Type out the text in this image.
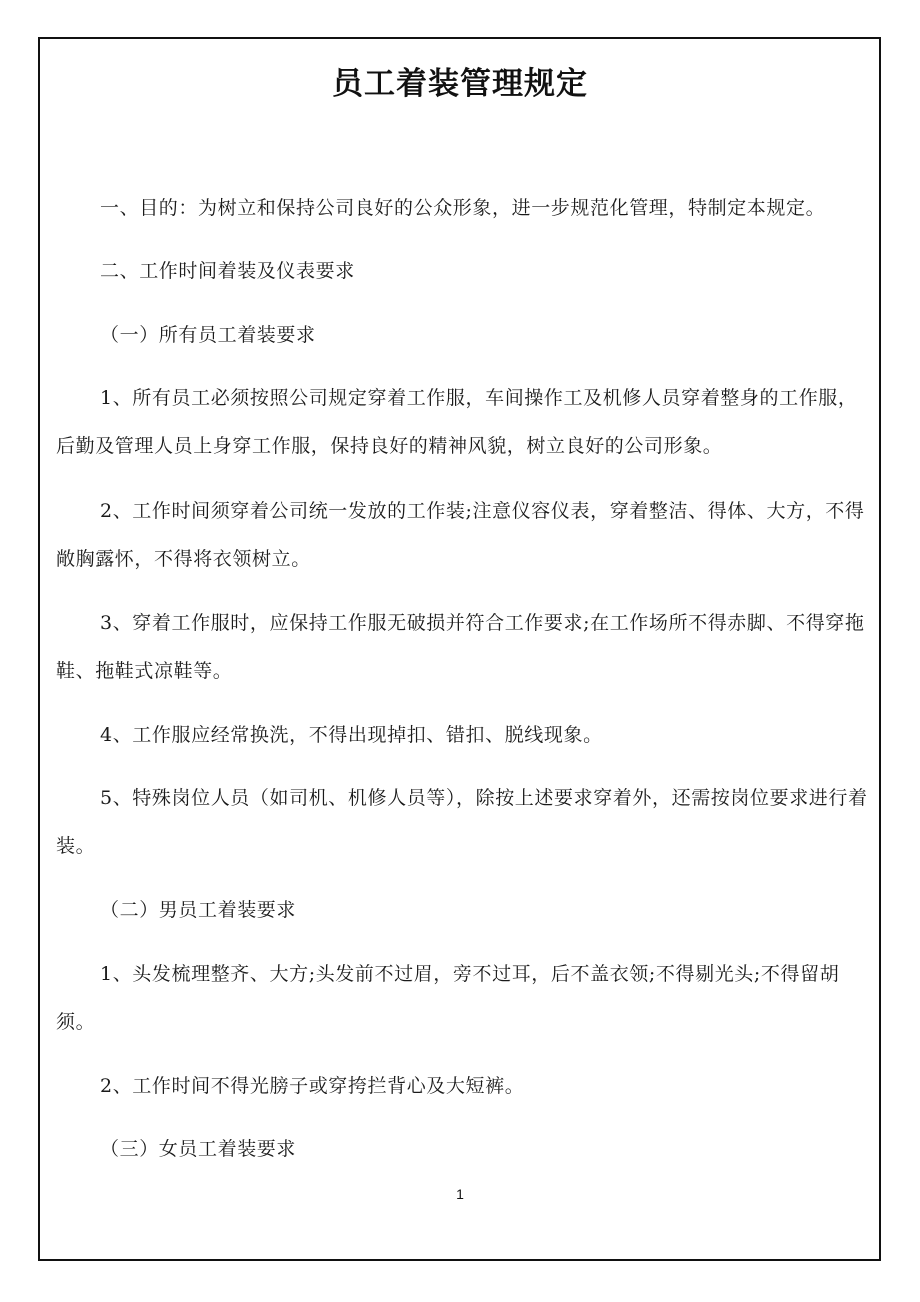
员工着装管理规定
一、目的：为树立和保持公司良好的公众形象，进一步规范化管理，特制定本规定。
二、工作时间着装及仪表要求
（一）所有员工着装要求
1、所有员工必须按照公司规定穿着工作服，车间操作工及机修人员穿着整身的工作服，后勤及管理人员上身穿工作服，保持良好的精神风貌，树立良好的公司形象。
2、工作时间须穿着公司统一发放的工作装;注意仪容仪表，穿着整洁、得体、大方，不得敞胸露怀，不得将衣领树立。
3、穿着工作服时，应保持工作服无破损并符合工作要求;在工作场所不得赤脚、不得穿拖鞋、拖鞋式凉鞋等。
4、工作服应经常换洗，不得出现掉扣、错扣、脱线现象。
5、特殊岗位人员（如司机、机修人员等），除按上述要求穿着外，还需按岗位要求进行着装。
（二）男员工着装要求
1、头发梳理整齐、大方;头发前不过眉，旁不过耳，后不盖衣领;不得剔光头;不得留胡须。
2、工作时间不得光膀子或穿挎拦背心及大短裤。
（三）女员工着装要求
1
